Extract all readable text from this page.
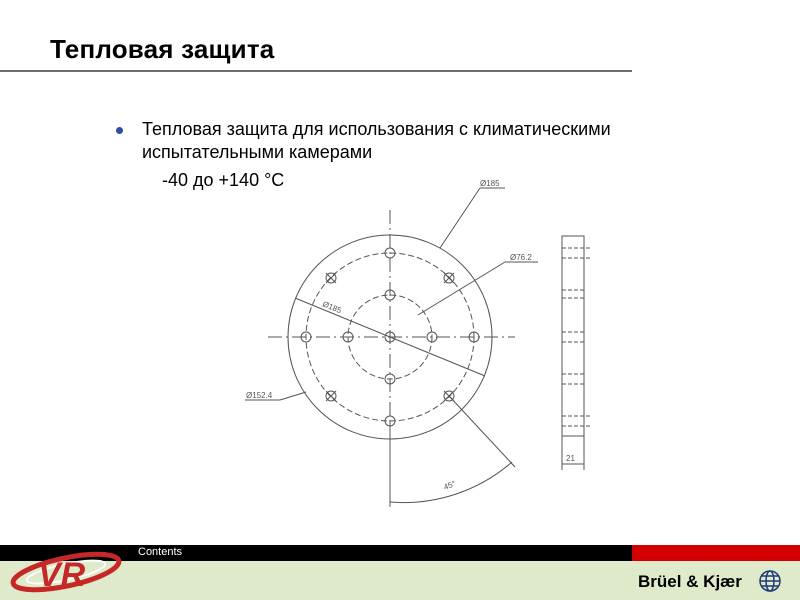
Тепловая защита
Тепловая защита для использования с климатическими испытательными камерами
-40 до +140 °C	Ø185
Ø76.2
Ø185
Ø152.4
45°
21
Contents
VR	Brüel & Kjær
